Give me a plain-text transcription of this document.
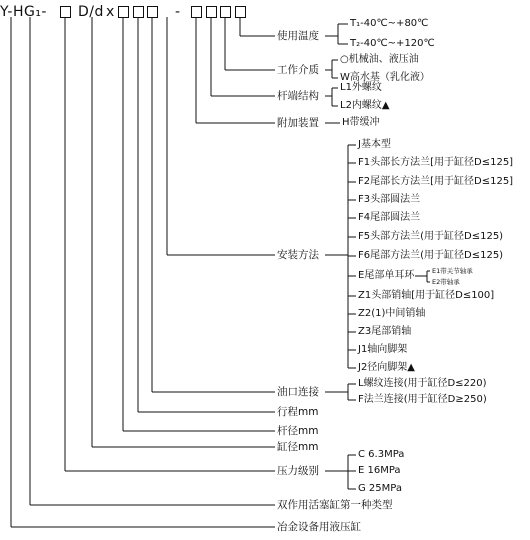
Y-HG₁- D/d x	-
使用温度
工作介质
杆端结构
附加装置
安装方法
油口连接
行程mm
杆径mm
缸径mm
压力级别
双作用活塞缸第一种类型
冶金设备用液压缸
T₁-40℃~+80℃
T₂-40℃~+120℃
○机械油、液压油
W高水基（乳化液）
L1外螺纹
L2内螺纹▲
H带缓冲
J基本型
F1头部长方法兰[用于缸径D≤125]
F2尾部长方法兰[用于缸径D≤125]
F3头部圆法兰
F4尾部圆法兰
F5头部方法兰(用于缸径D≤125)
F6尾部方法兰(用于缸径D≤125)
E尾部单耳环
Z1头部销轴[用于缸径D≤100]
Z2(1)中间销轴
Z3尾部销轴
J1轴向脚架
J2径向脚架▲
E1带关节轴承
E2带轴承
L螺纹连接(用于缸径D≤220)
F法兰连接(用于缸径D≥250)
C 6.3MPa
E 16MPa
G 25MPa
